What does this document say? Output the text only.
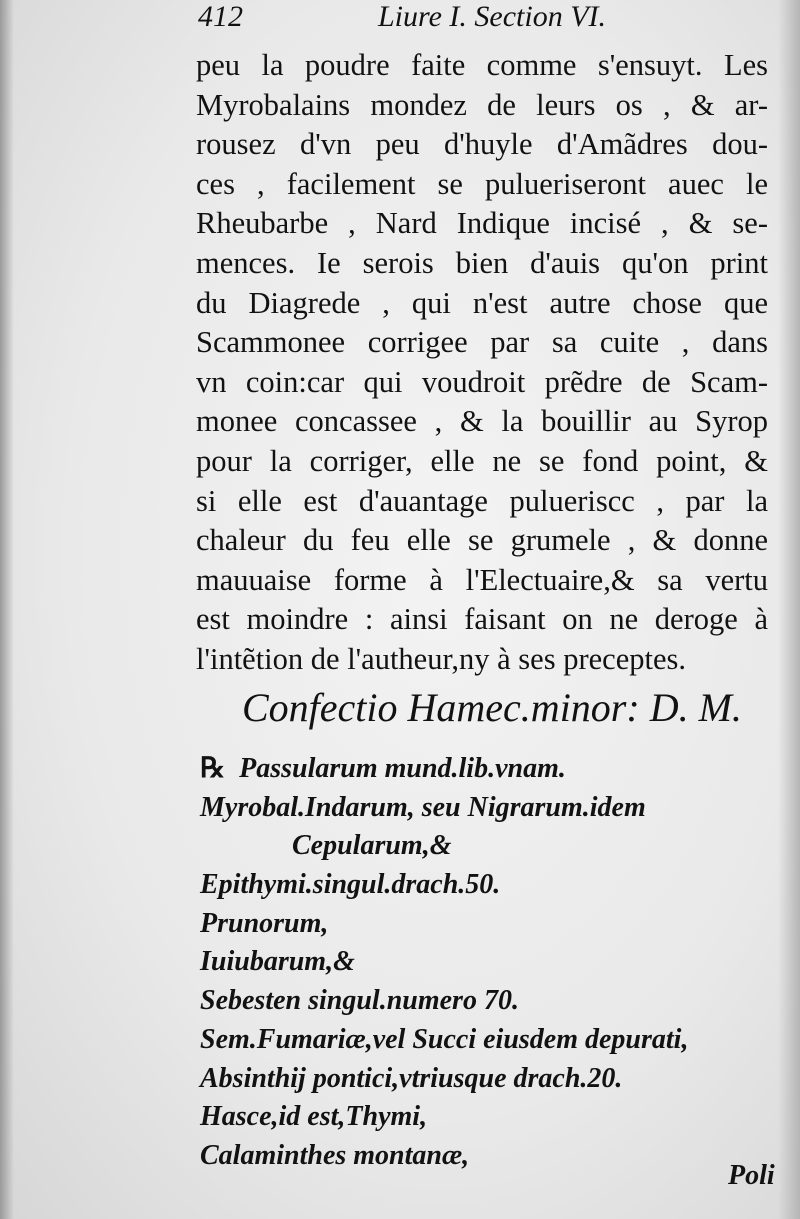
412	Liure I. Section VI.
peu la poudre faite comme s'ensuyt. Les
Myrobalains mondez de leurs os , & ar-
rousez d'vn peu d'huyle d'Amãdres dou-
ces , facilement se pulueriseront auec le
Rheubarbe , Nard Indique incisé , & se-
mences. Ie serois bien d'auis qu'on print
du Diagrede , qui n'est autre chose que
Scammonee corrigee par sa cuite , dans
vn coin:car qui voudroit prẽdre de Scam-
monee concassee , & la bouillir au Syrop
pour la corriger, elle ne se fond point, &
si elle est d'auantage pulueriscc , par la
chaleur du feu elle se grumele , & donne
mauuaise forme à l'Electuaire,& sa vertu
est moindre : ainsi faisant on ne deroge à
l'intẽtion de l'autheur,ny à ses preceptes.
Confectio Hamec.minor: D. M.
℞ Passularum mund.lib.vnam.
Myrobal.Indarum, seu Nigrarum.idem
Cepularum,&
Epithymi.singul.drach.50.
Prunorum,
Iuiubarum,&
Sebesten singul.numero 70.
Sem.Fumariæ,vel Succi eiusdem depurati,
Absinthij pontici,vtriusque drach.20.
Hasce,id est,Thymi,
Calaminthes montanæ,
Poli
